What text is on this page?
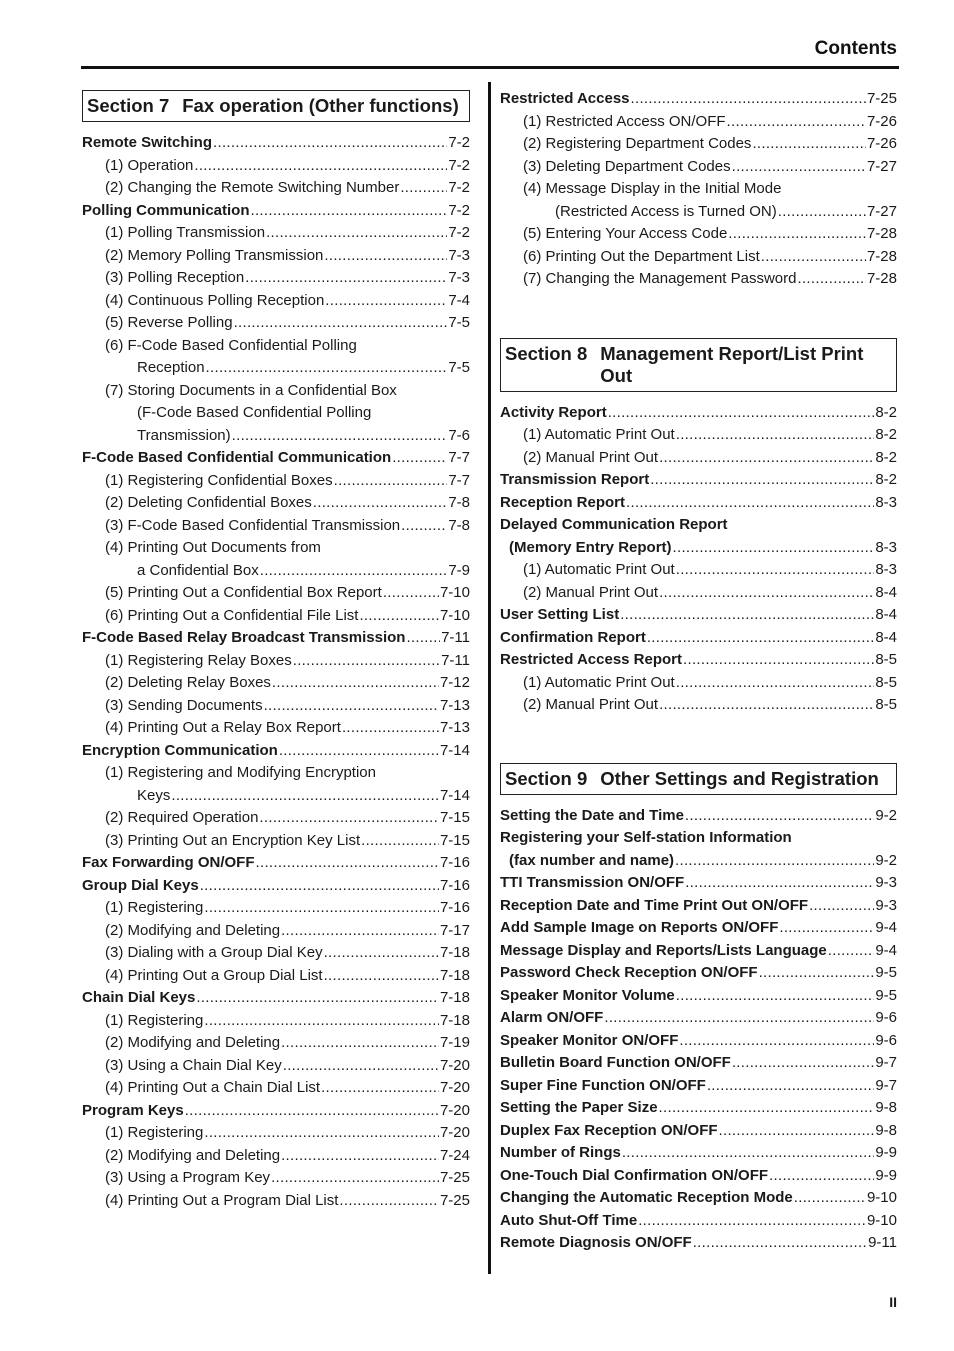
Contents
Section 7 Fax operation (Other functions)
Remote Switching .....	7-2
(1) Operation .....	7-2
(2) Changing the Remote Switching Number .....	7-2
Polling Communication .....	7-2
(1) Polling Transmission .....	7-2
(2) Memory Polling Transmission .....	7-3
(3) Polling Reception .....	7-3
(4) Continuous Polling Reception .....	7-4
(5) Reverse Polling .....	7-5
(6) F-Code Based Confidential Polling
Reception .....	7-5
(7) Storing Documents in a Confidential Box
(F-Code Based Confidential Polling
Transmission) .....	7-6
F-Code Based Confidential Communication .....	7-7
(1) Registering Confidential Boxes .....	7-7
(2) Deleting Confidential Boxes .....	7-8
(3) F-Code Based Confidential Transmission .....	7-8
(4) Printing Out Documents from
a Confidential Box .....	7-9
(5) Printing Out a Confidential Box Report .....	7-10
(6) Printing Out a Confidential File List .....	7-10
F-Code Based Relay Broadcast Transmission ..... 7-11
(1) Registering Relay Boxes .....	7-11
(2) Deleting Relay Boxes .....	7-12
(3) Sending Documents .....	7-13
(4) Printing Out a Relay Box Report .....	7-13
Encryption Communication .....	7-14
(1) Registering and Modifying Encryption
Keys .....	7-14
(2) Required Operation .....	7-15
(3) Printing Out an Encryption Key List .....	7-15
Fax Forwarding ON/OFF .....	7-16
Group Dial Keys .....	7-16
(1) Registering .....	7-16
(2) Modifying and Deleting .....	7-17
(3) Dialing with a Group Dial Key .....	7-18
(4) Printing Out a Group Dial List .....	7-18
Chain Dial Keys .....	7-18
(1) Registering .....	7-18
(2) Modifying and Deleting .....	7-19
(3) Using a Chain Dial Key .....	7-20
(4) Printing Out a Chain Dial List .....	7-20
Program Keys .....	7-20
(1) Registering .....	7-20
(2) Modifying and Deleting .....	7-24
(3) Using a Program Key .....	7-25
(4) Printing Out a Program Dial List .....	7-25
Restricted Access .....	7-25
(1) Restricted Access ON/OFF .....	7-26
(2) Registering Department Codes .....	7-26
(3) Deleting Department Codes .....	7-27
(4) Message Display in the Initial Mode
(Restricted Access is Turned ON) .....	7-27
(5) Entering Your Access Code .....	7-28
(6) Printing Out the Department List .....	7-28
(7) Changing the Management Password .....	7-28
Section 8 Management Report/List Print Out
Activity Report .....	8-2
(1) Automatic Print Out .....	8-2
(2) Manual Print Out .....	8-2
Transmission Report .....	8-2
Reception Report .....	8-3
Delayed Communication Report
(Memory Entry Report) .....	8-3
(1) Automatic Print Out .....	8-3
(2) Manual Print Out .....	8-4
User Setting List .....	8-4
Confirmation Report .....	8-4
Restricted Access Report .....	8-5
(1) Automatic Print Out .....	8-5
(2) Manual Print Out .....	8-5
Section 9 Other Settings and Registration
Setting the Date and Time .....	9-2
Registering your Self-station Information
(fax number and name) .....	9-2
TTI Transmission ON/OFF .....	9-3
Reception Date and Time Print Out ON/OFF .....	9-3
Add Sample Image on Reports ON/OFF .....	9-4
Message Display and Reports/Lists Language .....	9-4
Password Check Reception ON/OFF .....	9-5
Speaker Monitor Volume .....	9-5
Alarm ON/OFF .....	9-6
Speaker Monitor ON/OFF .....	9-6
Bulletin Board Function ON/OFF .....	9-7
Super Fine Function ON/OFF .....	9-7
Setting the Paper Size .....	9-8
Duplex Fax Reception ON/OFF .....	9-8
Number of Rings .....	9-9
One-Touch Dial Confirmation ON/OFF .....	9-9
Changing the Automatic Reception Mode .....	9-10
Auto Shut-Off Time .....	9-10
Remote Diagnosis ON/OFF .....	9-11
II
